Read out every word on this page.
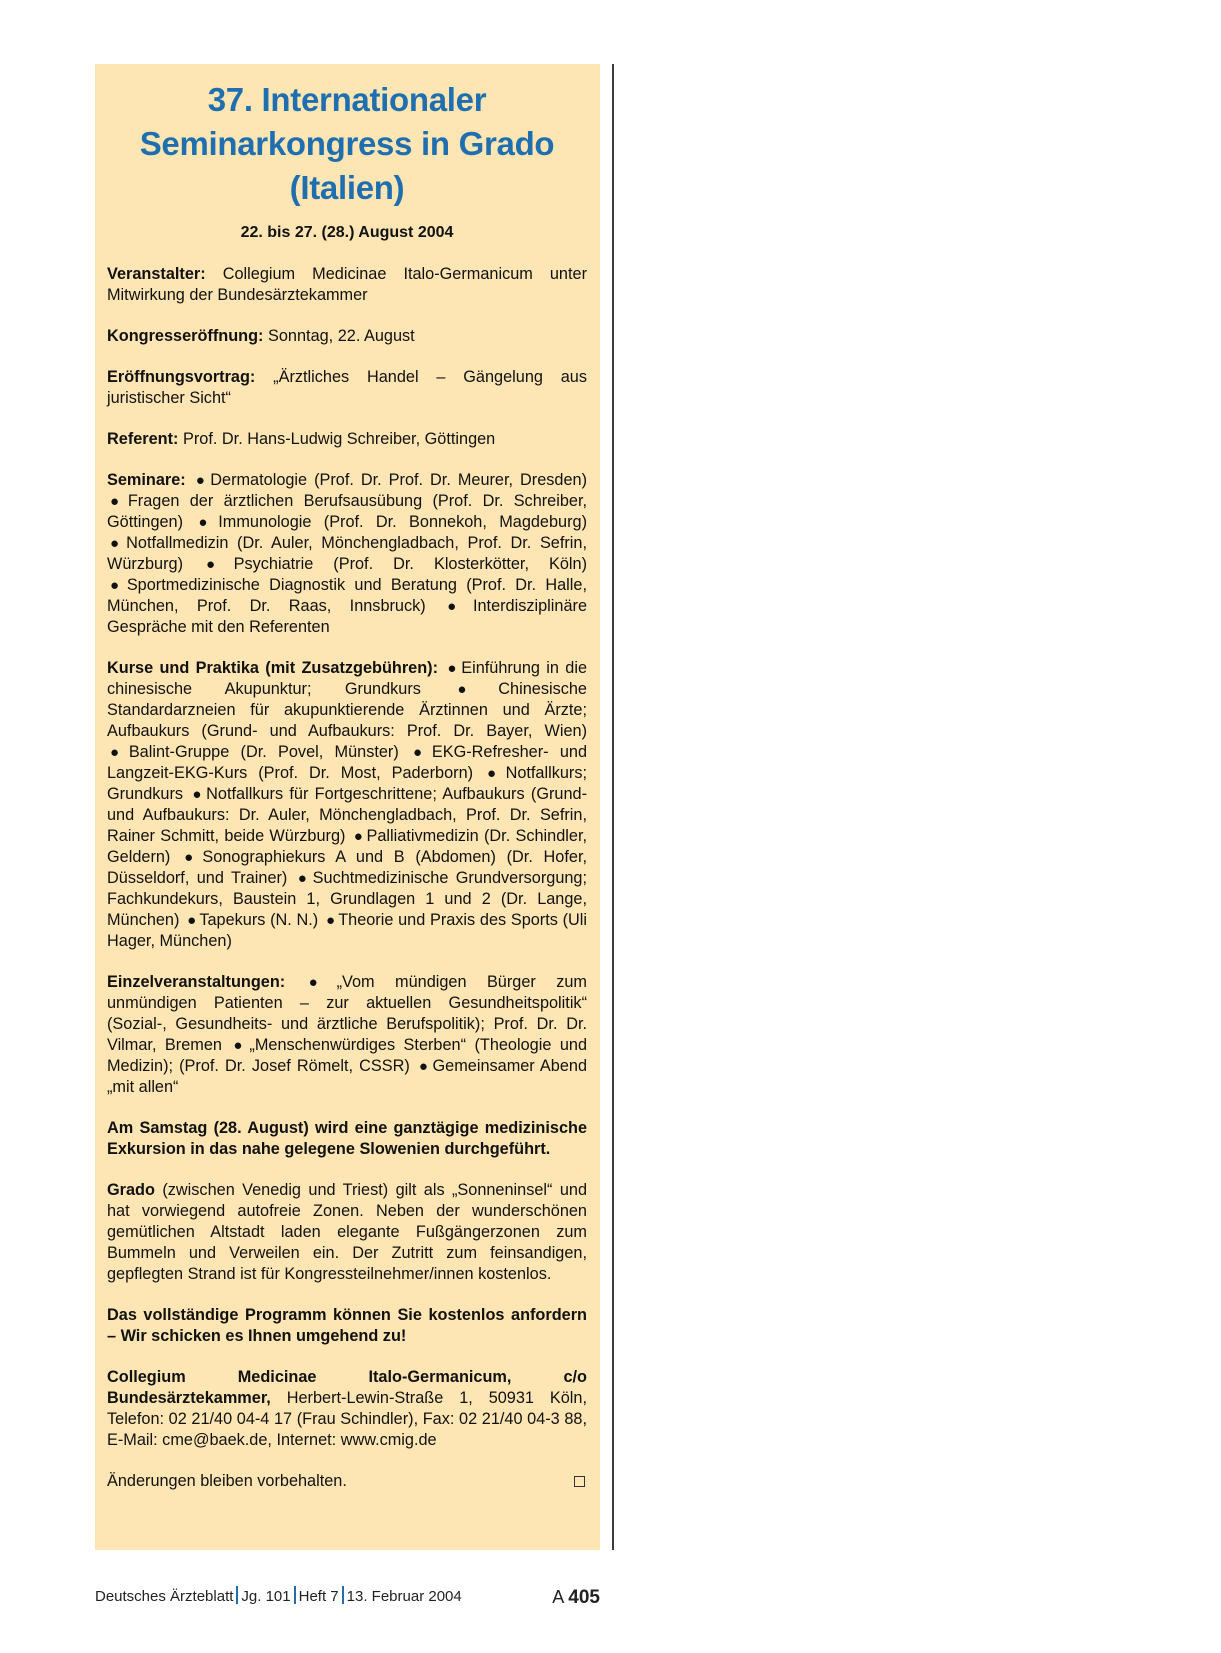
37. Internationaler
Seminarkongress in Grado
(Italien)
22. bis 27. (28.) August 2004

Veranstalter: Collegium Medicinae Italo-Germanicum unter Mitwirkung der Bundesärztekammer

Kongresseröffnung: Sonntag, 22. August

Eröffnungsvortrag: „Ärztliches Handel – Gängelung aus juristischer Sicht“

Referent: Prof. Dr. Hans-Ludwig Schreiber, Göttingen

Seminare: ● Dermatologie (Prof. Dr. Prof. Dr. Meurer, Dresden) ● Fragen der ärztlichen Berufsausübung (Prof. Dr. Schreiber, Göttingen) ● Immunologie (Prof. Dr. Bonnekoh, Magdeburg) ● Notfallmedizin (Dr. Auler, Mönchengladbach, Prof. Dr. Sefrin, Würzburg) ● Psychiatrie (Prof. Dr. Klosterkötter, Köln) ● Sportmedizinische Diagnostik und Beratung (Prof. Dr. Halle, München, Prof. Dr. Raas, Innsbruck) ● Interdisziplinäre Gespräche mit den Referenten

Kurse und Praktika (mit Zusatzgebühren): ● Einführung in die chinesische Akupunktur; Grundkurs ● Chinesische Standardarzneien für akupunktierende Ärztinnen und Ärzte; Aufbaukurs (Grund- und Aufbaukurs: Prof. Dr. Bayer, Wien) ● Balint-Gruppe (Dr. Povel, Münster) ● EKG-Refresher- und Langzeit-EKG-Kurs (Prof. Dr. Most, Paderborn) ● Notfallkurs; Grundkurs ● Notfallkurs für Fortgeschrittene; Aufbaukurs (Grund- und Aufbaukurs: Dr. Auler, Mönchengladbach, Prof. Dr. Sefrin, Rainer Schmitt, beide Würzburg) ● Palliativmedizin (Dr. Schindler, Geldern) ● Sonographiekurs A und B (Abdomen) (Dr. Hofer, Düsseldorf, und Trainer) ● Suchtmedizinische Grundversorgung; Fachkundekurs, Baustein 1, Grundlagen 1 und 2 (Dr. Lange, München) ● Tapekurs (N. N.) ● Theorie und Praxis des Sports (Uli Hager, München)

Einzelveranstaltungen: ● „Vom mündigen Bürger zum unmündigen Patienten – zur aktuellen Gesundheitspolitik“ (Sozial-, Gesundheits- und ärztliche Berufspolitik); Prof. Dr. Dr. Vilmar, Bremen ● „Menschenwürdiges Sterben“ (Theologie und Medizin); (Prof. Dr. Josef Römelt, CSSR) ● Gemeinsamer Abend „mit allen“

Am Samstag (28. August) wird eine ganztägige medizinische Exkursion in das nahe gelegene Slowenien durchgeführt.

Grado (zwischen Venedig und Triest) gilt als „Sonneninsel“ und hat vorwiegend autofreie Zonen. Neben der wunderschönen gemütlichen Altstadt laden elegante Fußgängerzonen zum Bummeln und Verweilen ein. Der Zutritt zum feinsandigen, gepflegten Strand ist für Kongressteilnehmer/innen kostenlos.

Das vollständige Programm können Sie kostenlos anfordern – Wir schicken es Ihnen umgehend zu!

Collegium Medicinae Italo-Germanicum, c/o Bundesärztekammer, Herbert-Lewin-Straße 1, 50931 Köln, Telefon: 02 21/40 04-4 17 (Frau Schindler), Fax: 02 21/40 04-3 88, E-Mail: cme@baek.de, Internet: www.cmig.de

Änderungen bleiben vorbehalten.
Deutsches Ärzteblatt Jg. 101 Heft 7 13. Februar 2004	A 405
